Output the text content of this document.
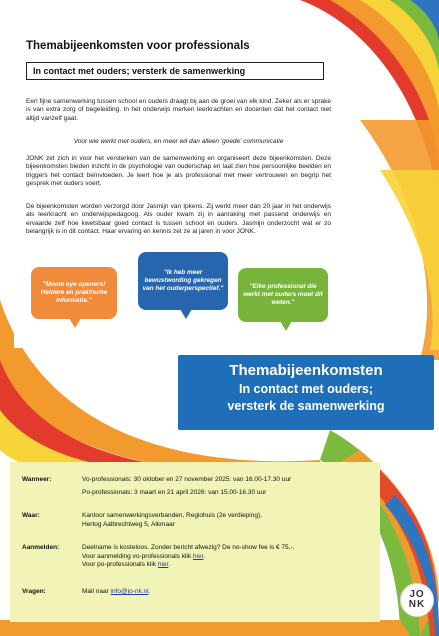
Themabijeenkomsten voor professionals
In contact met ouders; versterk de samenwerking

Een fijne samenwerking tussen school en ouders draagt bij aan de groei van elk kind. Zeker als er sprake is van extra zorg of begeleiding. In het onderwijs merken leerkrachten en docenten dat het contact niet altijd vanzelf gaat.

Voor wie werkt met ouders, en meer wil dan alleen 'goede' communicatie

JONK zet zich in voor het versterken van de samenwerking en organiseert deze bijeenkomsten. Deze bijeenkomsten bieden inzicht in de psychologie van ouderschap en laat zien hoe persoonlijke beelden en triggers het contact beïnvloeden. Je leert hoe je als professional met meer vertrouwen en begrip het gesprek met ouders voert.

De bijeenkomsten worden verzorgd door Jasmijn van Ipkens. Zij werkt meer dan 20 jaar in het onderwijs als leerkracht en onderwijspedagoog. Als ouder kwam zij in aanraking met passend onderwijs en ervaarde zelf hoe kwetsbaar goed contact is tussen school en ouders. Jasmijn onderzocht wat er zo belangrijk is in dit contact. Haar ervaring en kennis zet ze al jaren in voor JONK.

"Mooie eye openers! Heldere en praktische informatie."
"Ik heb meer bewustwording gekregen van het ouderperspectief."	"Elke professional die werkt met ouders moet dit weten."
Themabijeenkomsten
In contact met ouders;
versterk de samenwerking
Wanneer:	Vo-professionals: 30 oktober en 27 november 2025: van 16.00-17.30 uur
Po-professionals: 3 maart en 21 april 2026: van 15.00-16.30 uur
Waar:	Kantoor samenwerkingsverbanden, Regiohuis (2e verdieping),
Hertog Aalbrechtweg 5, Alkmaar
Aanmelden:	Deelname is kosteloos. Zonder bericht afwezig? De no-show fee is € 75,-.
Voor aanmelding vo-professionals klik hier.
Voor po-professionals klik hier.
Vragen:	Mail naar info@jo-nk.nl.	JO
NK
